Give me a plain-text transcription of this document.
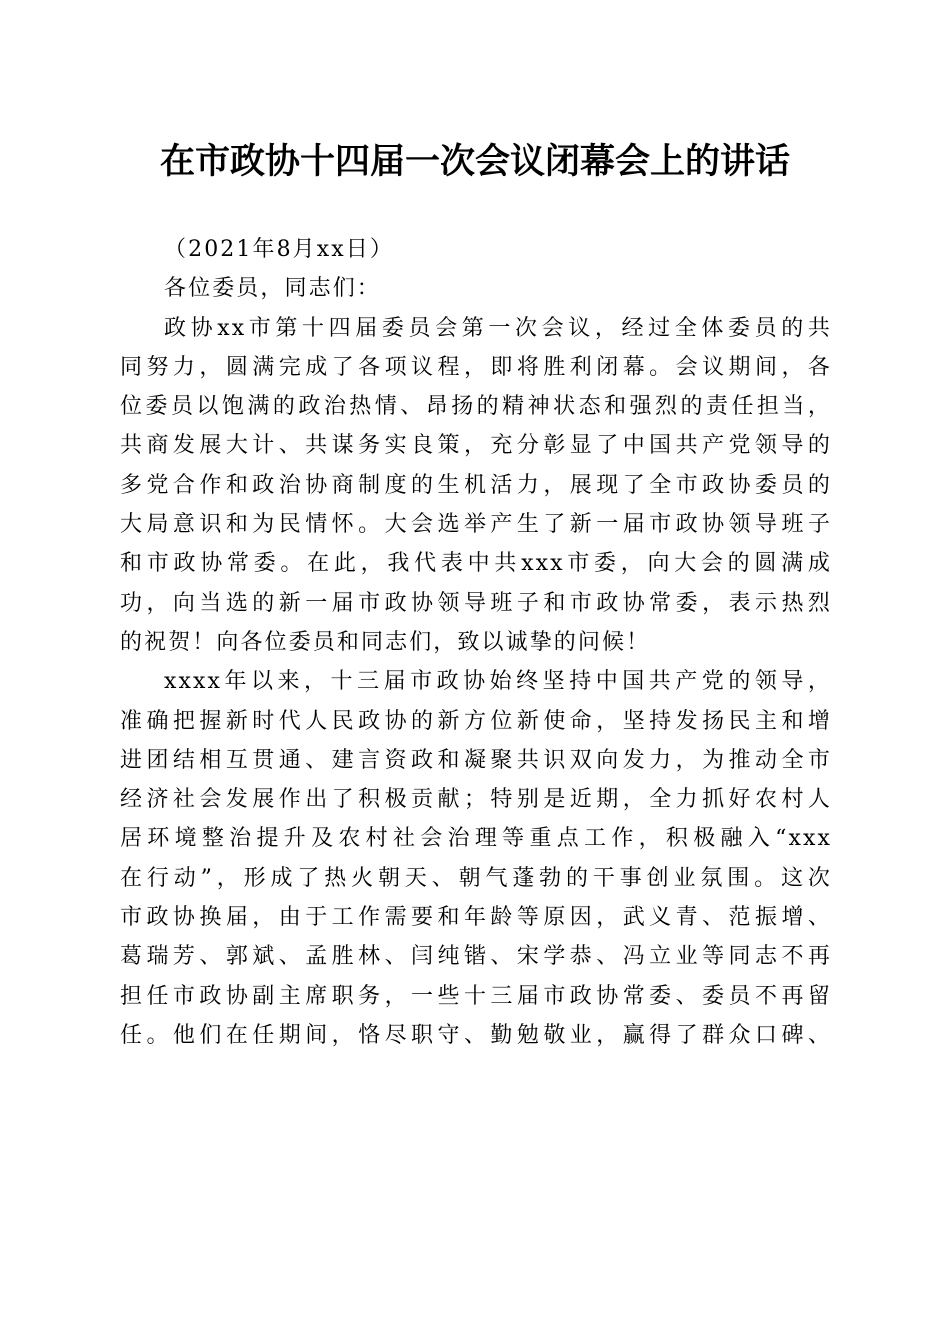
在市政协十四届一次会议闭幕会上的讲话
（2021年8月xx日）
各位委员，同志们：
政协xx市第十四届委员会第一次会议，经过全体委员的共
同努力，圆满完成了各项议程，即将胜利闭幕。会议期间，各
位委员以饱满的政治热情、昂扬的精神状态和强烈的责任担当，
共商发展大计、共谋务实良策，充分彰显了中国共产党领导的
多党合作和政治协商制度的生机活力，展现了全市政协委员的
大局意识和为民情怀。大会选举产生了新一届市政协领导班子
和市政协常委。在此，我代表中共xxx市委，向大会的圆满成
功，向当选的新一届市政协领导班子和市政协常委，表示热烈
的祝贺！向各位委员和同志们，致以诚挚的问候！
xxxx年以来，十三届市政协始终坚持中国共产党的领导，
准确把握新时代人民政协的新方位新使命，坚持发扬民主和增
进团结相互贯通、建言资政和凝聚共识双向发力，为推动全市
经济社会发展作出了积极贡献；特别是近期，全力抓好农村人
居环境整治提升及农村社会治理等重点工作，积极融入“xxx
在行动”，形成了热火朝天、朝气蓬勃的干事创业氛围。这次
市政协换届，由于工作需要和年龄等原因，武义青、范振增、
葛瑞芳、郭斌、孟胜林、闫纯锴、宋学恭、冯立业等同志不再
担任市政协副主席职务，一些十三届市政协常委、委员不再留
任。他们在任期间，恪尽职守、勤勉敬业，赢得了群众口碑、
